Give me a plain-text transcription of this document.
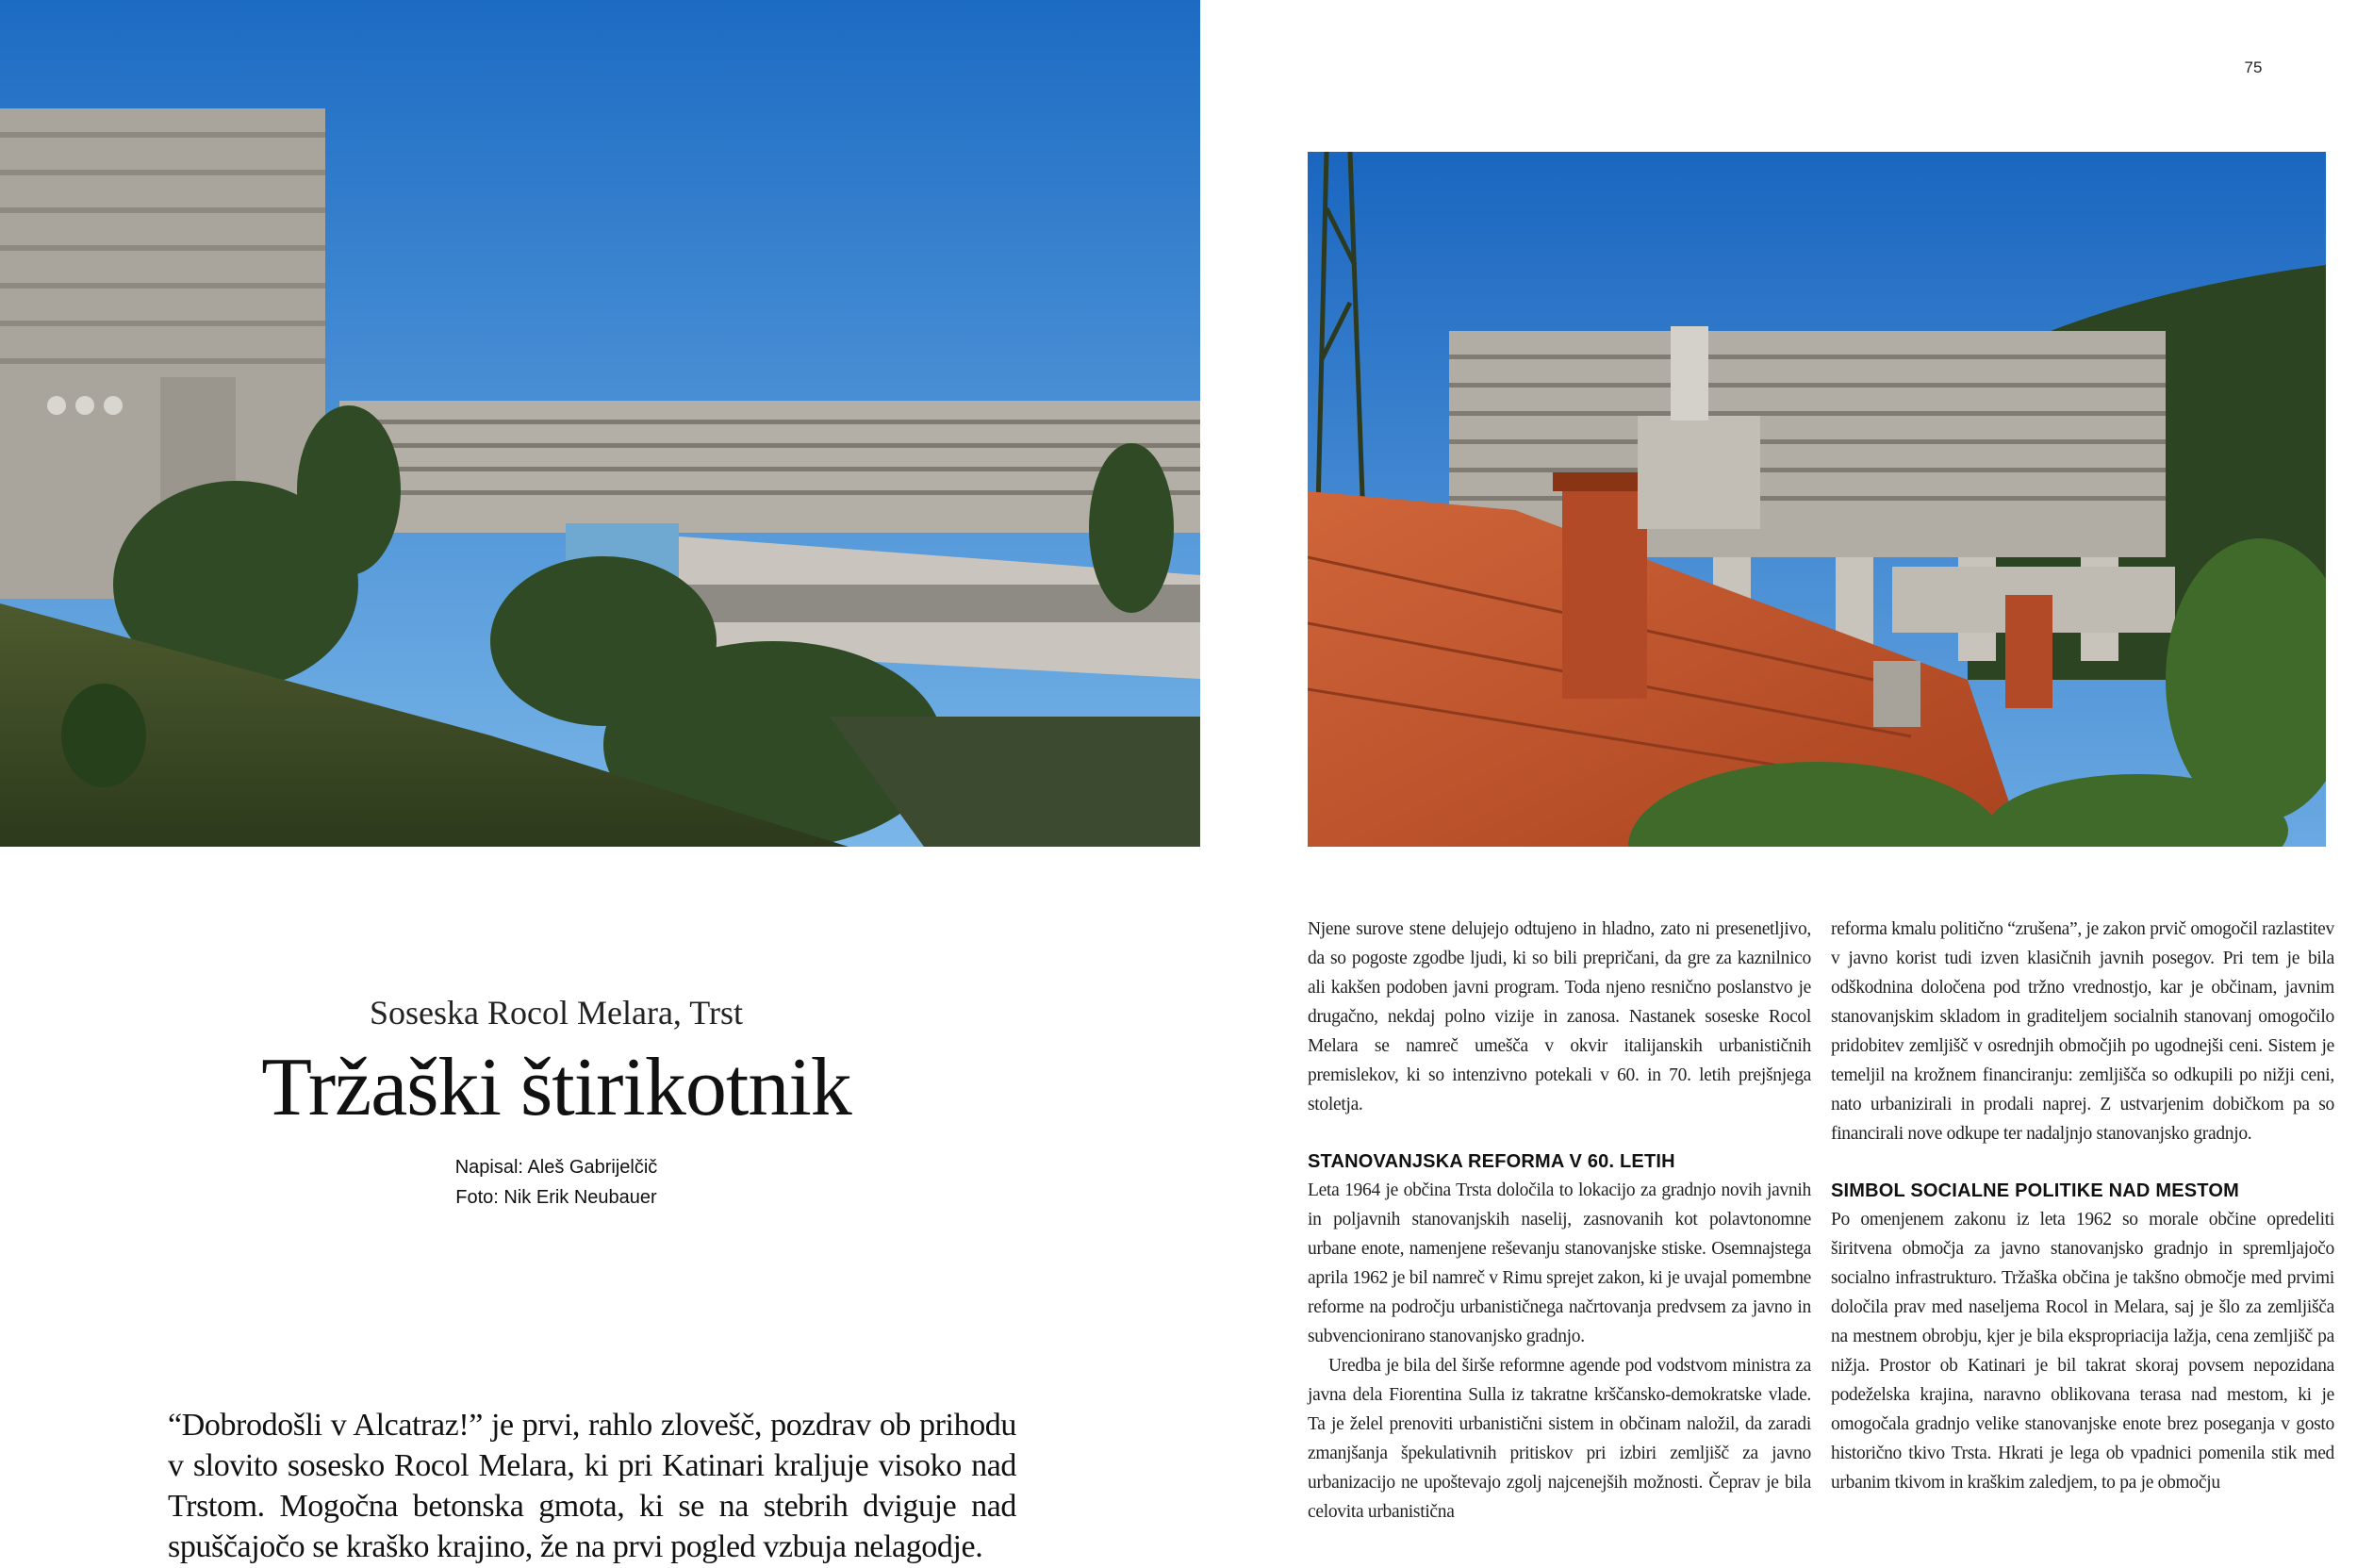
75
Soseska Rocol Melara, Trst
Tržaški štirikotnik
Napisal: Aleš Gabrijelčič
Foto: Nik Erik Neubauer
“Dobrodošli v Alcatraz!” je prvi, rahlo zlovešč, pozdrav ob prihodu v slovito sosesko Rocol Melara, ki pri Katinari kraljuje visoko nad Trstom. Mogočna betonska gmota, ki se na stebrih dviguje nad spuščajočo se kraško krajino, že na prvi pogled vzbuja nelagodje.

Njene surove stene delujejo odtujeno in hladno, zato ni presenetljivo, da so pogoste zgodbe ljudi, ki so bili prepričani, da gre za kaznilnico ali kakšen podoben javni program. Toda njeno resnično poslanstvo je drugačno, nekdaj polno vizije in zanosa. Nastanek soseske Rocol Melara se namreč umešča v okvir italijanskih urbanističnih premislekov, ki so intenzivno potekali v 60. in 70. letih prejšnjega stoletja.

STANOVANJSKA REFORMA V 60. LETIH

Leta 1964 je občina Trsta določila to lokacijo za gradnjo novih javnih in poljavnih stanovanjskih naselij, zasnovanih kot polavtonomne urbane enote, namenjene reševanju stanovanjske stiske. Osemnajstega aprila 1962 je bil namreč v Rimu sprejet zakon, ki je uvajal pomembne reforme na področju urbanističnega načrtovanja predvsem za javno in subvencionirano stanovanjsko gradnjo.

Uredba je bila del širše reformne agende pod vodstvom ministra za javna dela Fiorentina Sulla iz takratne krščansko-demokratske vlade. Ta je želel prenoviti urbanistični sistem in občinam naložil, da zaradi zmanjšanja špekulativnih pritiskov pri izbiri zemljišč za javno urbanizacijo ne upoštevajo zgolj najcenejših možnosti. Čeprav je bila celovita urbanistična

reforma kmalu politično “zrušena”, je zakon prvič omogočil razlastitev v javno korist tudi izven klasičnih javnih posegov. Pri tem je bila odškodnina določena pod tržno vrednostjo, kar je občinam, javnim stanovanjskim skladom in graditeljem socialnih stanovanj omogočilo pridobitev zemljišč v osrednjih območjih po ugodnejši ceni. Sistem je temeljil na krožnem financiranju: zemljišča so odkupili po nižji ceni, nato urbanizirali in prodali naprej. Z ustvarjenim dobičkom pa so financirali nove odkupe ter nadaljnjo stanovanjsko gradnjo.

SIMBOL SOCIALNE POLITIKE NAD MESTOM

Po omenjenem zakonu iz leta 1962 so morale občine opredeliti širitvena območja za javno stanovanjsko gradnjo in spremljajočo socialno infrastrukturo. Tržaška občina je takšno območje med prvimi določila prav med naseljema Rocol in Melara, saj je šlo za zemljišča na mestnem obrobju, kjer je bila ekspropriacija lažja, cena zemljišč pa nižja. Prostor ob Katinari je bil takrat skoraj povsem nepozidana podeželska krajina, naravno oblikovana terasa nad mestom, ki je omogočala gradnjo velike stanovanjske enote brez poseganja v gosto historično tkivo Trsta. Hkrati je lega ob vpadnici pomenila stik med urbanim tkivom in kraškim zaledjem, to pa je območju
